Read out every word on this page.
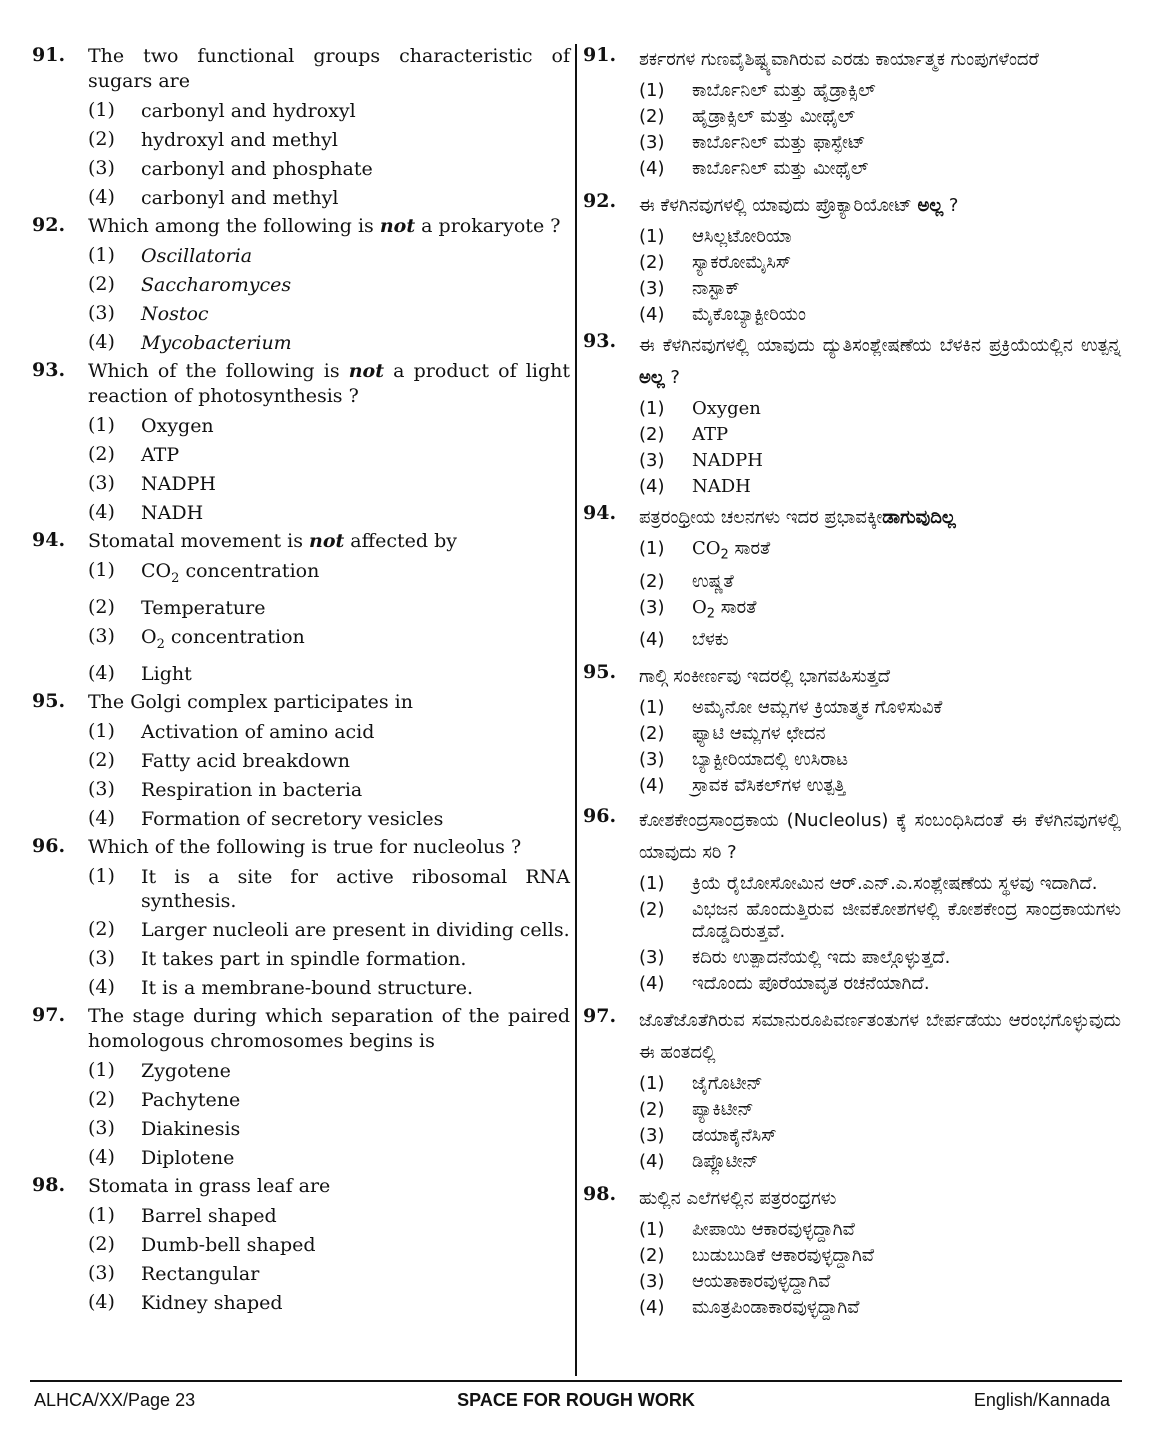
91.	The two functional groups characteristic of sugars are
(1)	carbonyl and hydroxyl
(2)	hydroxyl and methyl
(3)	carbonyl and phosphate
(4)	carbonyl and methyl
92.	Which among the following is not a prokaryote ?
(1)	Oscillatoria
(2)	Saccharomyces
(3)	Nostoc
(4)	Mycobacterium
93.	Which of the following is not a product of light reaction of photosynthesis ?
(1)	Oxygen
(2)	ATP
(3)	NADPH
(4)	NADH
94.	Stomatal movement is not affected by
(1)	$CO_2$ concentration
(2)	Temperature
(3)	$O_2$ concentration
(4)	Light
95.	The Golgi complex participates in
(1)	Activation of amino acid
(2)	Fatty acid breakdown
(3)	Respiration in bacteria
(4)	Formation of secretory vesicles
96.	Which of the following is true for nucleolus ?
(1)	It is a site for active ribosomal RNA synthesis.
(2)	Larger nucleoli are present in dividing cells.
(3)	It takes part in spindle formation.
(4)	It is a membrane-bound structure.
97.	The stage during which separation of the paired homologous chromosomes begins is
(1)	Zygotene
(2)	Pachytene
(3)	Diakinesis
(4)	Diplotene
98.	Stomata in grass leaf are
(1)	Barrel shaped
(2)	Dumb-bell shaped
(3)	Rectangular
(4)	Kidney shaped
91.	ಶರ್ಕರಗಳ ಗುಣವೈಶಿಷ್ಟ್ಯವಾಗಿರುವ ಎರಡು ಕಾರ್ಯಾತ್ಮಕ ಗುಂಪುಗಳೆಂದರೆ
(1)	ಕಾರ್ಬೊನಿಲ್ ಮತ್ತು ಹೈಡ್ರಾಕ್ಸಿಲ್
(2)	ಹೈಡ್ರಾಕ್ಸಿಲ್ ಮತ್ತು ಮೀಥೈಲ್
(3)	ಕಾರ್ಬೊನಿಲ್ ಮತ್ತು ಫಾಸ್ಫೇಟ್
(4)	ಕಾರ್ಬೊನಿಲ್ ಮತ್ತು ಮೀಥೈಲ್
92.	ಈ ಕೆಳಗಿನವುಗಳಲ್ಲಿ ಯಾವುದು ಪ್ರೊಕ್ಯಾರಿಯೋಟ್ ಅಲ್ಲ ?
(1)	ಆಸಿಲ್ಲಟೋರಿಯಾ
(2)	ಸ್ಯಾಕರೋಮೈಸಿಸ್
(3)	ನಾಸ್ಟಾಕ್
(4)	ಮೈಕೊಬ್ಯಾಕ್ಟೀರಿಯಂ
93.	ಈ ಕೆಳಗಿನವುಗಳಲ್ಲಿ ಯಾವುದು ದ್ಯುತಿಸಂಶ್ಲೇಷಣೆಯ ಬೆಳಕಿನ ಪ್ರಕ್ರಿಯೆಯಲ್ಲಿನ ಉತ್ಪನ್ನ ಅಲ್ಲ ?
(1)	Oxygen
(2)	ATP
(3)	NADPH
(4)	NADH
94.	ಪತ್ರರಂಧ್ರೀಯ ಚಲನಗಳು ಇದರ ಪ್ರಭಾವಕ್ಕೀಡಾಗುವುದಿಲ್ಲ
(1)	$CO_2$ ಸಾರತೆ
(2)	ಉಷ್ಣತೆ
(3)	$O_2$ ಸಾರತೆ
(4)	ಬೆಳಕು
95.	ಗಾಲ್ಗಿ ಸಂಕೀರ್ಣವು ಇದರಲ್ಲಿ ಭಾಗವಹಿಸುತ್ತದೆ
(1)	ಅಮೈನೋ ಆಮ್ಲಗಳ ಕ್ರಿಯಾತ್ಮಕ ಗೊಳಿಸುವಿಕೆ
(2)	ಫ್ಯಾಟಿ ಆಮ್ಲಗಳ ಛೇದನ
(3)	ಬ್ಯಾಕ್ಟೀರಿಯಾದಲ್ಲಿ ಉಸಿರಾಟ
(4)	ಸ್ರಾವಕ ವೆಸಿಕಲ್‌ಗಳ ಉತ್ಪತ್ತಿ
96.	ಕೋಶಕೇಂದ್ರಸಾಂದ್ರಕಾಯ (Nucleolus) ಕ್ಕೆ ಸಂಬಂಧಿಸಿದಂತೆ ಈ ಕೆಳಗಿನವುಗಳಲ್ಲಿ ಯಾವುದು ಸರಿ ?
(1)	ಕ್ರಿಯೆ ರೈಬೋಸೋಮಿನ ಆರ್.ಎನ್.ಎ.ಸಂಶ್ಲೇಷಣೆಯ ಸ್ಥಳವು ಇದಾಗಿದೆ.
(2)	ವಿಭಜನ ಹೊಂದುತ್ತಿರುವ ಜೀವಕೋಶಗಳಲ್ಲಿ ಕೋಶಕೇಂದ್ರ ಸಾಂದ್ರಕಾಯಗಳು ದೊಡ್ಡದಿರುತ್ತವೆ.
(3)	ಕದಿರು ಉತ್ಪಾದನೆಯಲ್ಲಿ ಇದು ಪಾಲ್ಗೊಳ್ಳುತ್ತದೆ.
(4)	ಇದೊಂದು ಪೊರೆಯಾವೃತ ರಚನೆಯಾಗಿದೆ.
97.	ಜೊತೆಜೊತೆಗಿರುವ ಸಮಾನುರೂಪಿವರ್ಣತಂತುಗಳ ಬೇರ್ಪಡೆಯು ಆರಂಭಗೊಳ್ಳುವುದು ಈ ಹಂತದಲ್ಲಿ
(1)	ಜೈಗೊಟೀನ್
(2)	ಪ್ಯಾಕಿಟೀನ್
(3)	ಡಯಾಕೈನೆಸಿಸ್
(4)	ಡಿಪ್ಲೊಟೀನ್
98.	ಹುಲ್ಲಿನ ಎಲೆಗಳಲ್ಲಿನ ಪತ್ರರಂಧ್ರಗಳು
(1)	ಪೀಪಾಯಿ ಆಕಾರವುಳ್ಳದ್ದಾಗಿವೆ
(2)	ಬುಡುಬುಡಿಕೆ ಆಕಾರವುಳ್ಳದ್ದಾಗಿವೆ
(3)	ಆಯತಾಕಾರವುಳ್ಳದ್ದಾಗಿವೆ
(4)	ಮೂತ್ರಪಿಂಡಾಕಾರವುಳ್ಳದ್ದಾಗಿವೆ
ALHCA/XX/Page 23	SPACE FOR ROUGH WORK	English/Kannada
